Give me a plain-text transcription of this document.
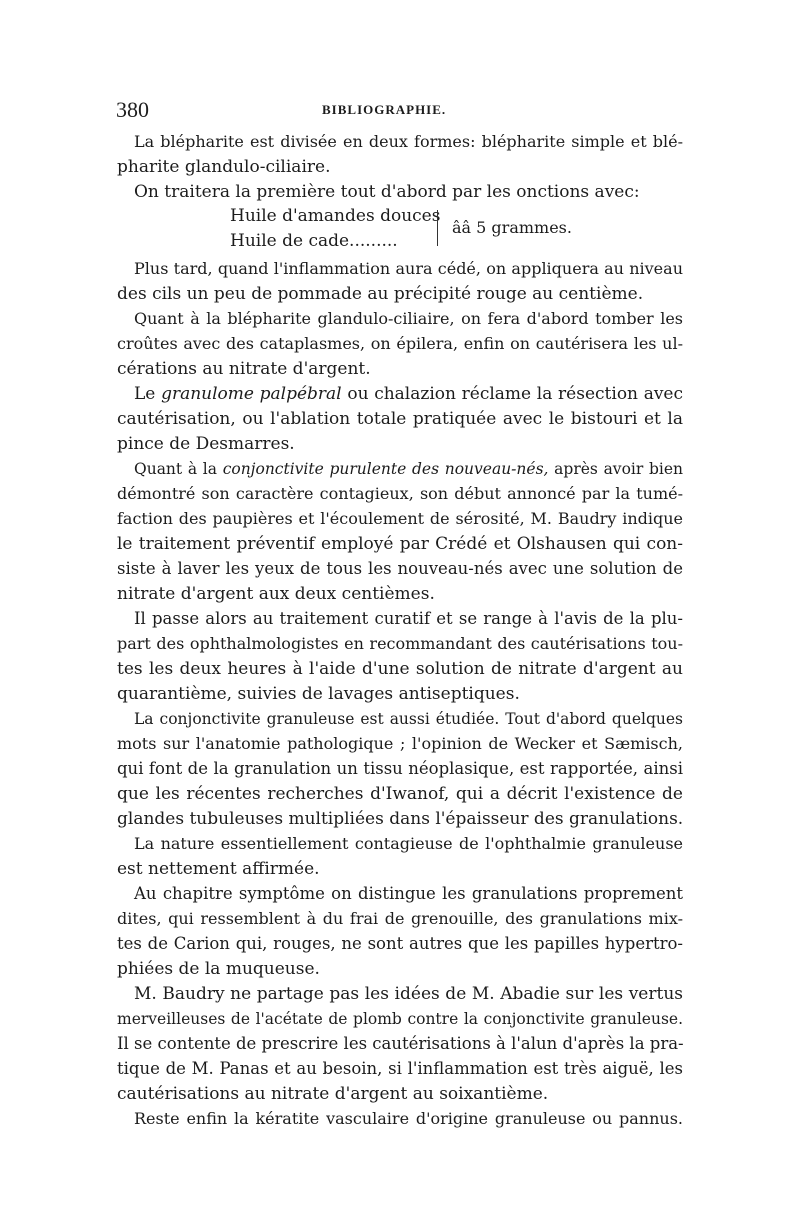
380	BIBLIOGRAPHIE.
La blépharite est divisée en deux formes: blépharite simple et blé-
pharite glandulo-ciliaire.
On traitera la première tout d'abord par les onctions avec:
Huile d'amandes douces
Huile de cade.........
ââ 5 grammes.
Plus tard, quand l'inflammation aura cédé, on appliquera au niveau
des cils un peu de pommade au précipité rouge au centième.
Quant à la blépharite glandulo-ciliaire, on fera d'abord tomber les
croûtes avec des cataplasmes, on épilera, enfin on cautérisera les ul-
cérations au nitrate d'argent.
Le granulome palpébral ou chalazion réclame la résection avec
cautérisation, ou l'ablation totale pratiquée avec le bistouri et la
pince de Desmarres.
Quant à la conjonctivite purulente des nouveau-nés, après avoir bien
démontré son caractère contagieux, son début annoncé par la tumé-
faction des paupières et l'écoulement de sérosité, M. Baudry indique
le traitement préventif employé par Crédé et Olshausen qui con-
siste à laver les yeux de tous les nouveau-nés avec une solution de
nitrate d'argent aux deux centièmes.
Il passe alors au traitement curatif et se range à l'avis de la plu-
part des ophthalmologistes en recommandant des cautérisations tou-
tes les deux heures à l'aide d'une solution de nitrate d'argent au
quarantième, suivies de lavages antiseptiques.
La conjonctivite granuleuse est aussi étudiée. Tout d'abord quelques
mots sur l'anatomie pathologique ; l'opinion de Wecker et Sæmisch,
qui font de la granulation un tissu néoplasique, est rapportée, ainsi
que les récentes recherches d'Iwanof, qui a décrit l'existence de
glandes tubuleuses multipliées dans l'épaisseur des granulations.
La nature essentiellement contagieuse de l'ophthalmie granuleuse
est nettement affirmée.
Au chapitre symptôme on distingue les granulations proprement
dites, qui ressemblent à du frai de grenouille, des granulations mix-
tes de Carion qui, rouges, ne sont autres que les papilles hypertro-
phiées de la muqueuse.
M. Baudry ne partage pas les idées de M. Abadie sur les vertus
merveilleuses de l'acétate de plomb contre la conjonctivite granuleuse.
Il se contente de prescrire les cautérisations à l'alun d'après la pra-
tique de M. Panas et au besoin, si l'inflammation est très aiguë, les
cautérisations au nitrate d'argent au soixantième.
Reste enfin la kératite vasculaire d'origine granuleuse ou pannus.
